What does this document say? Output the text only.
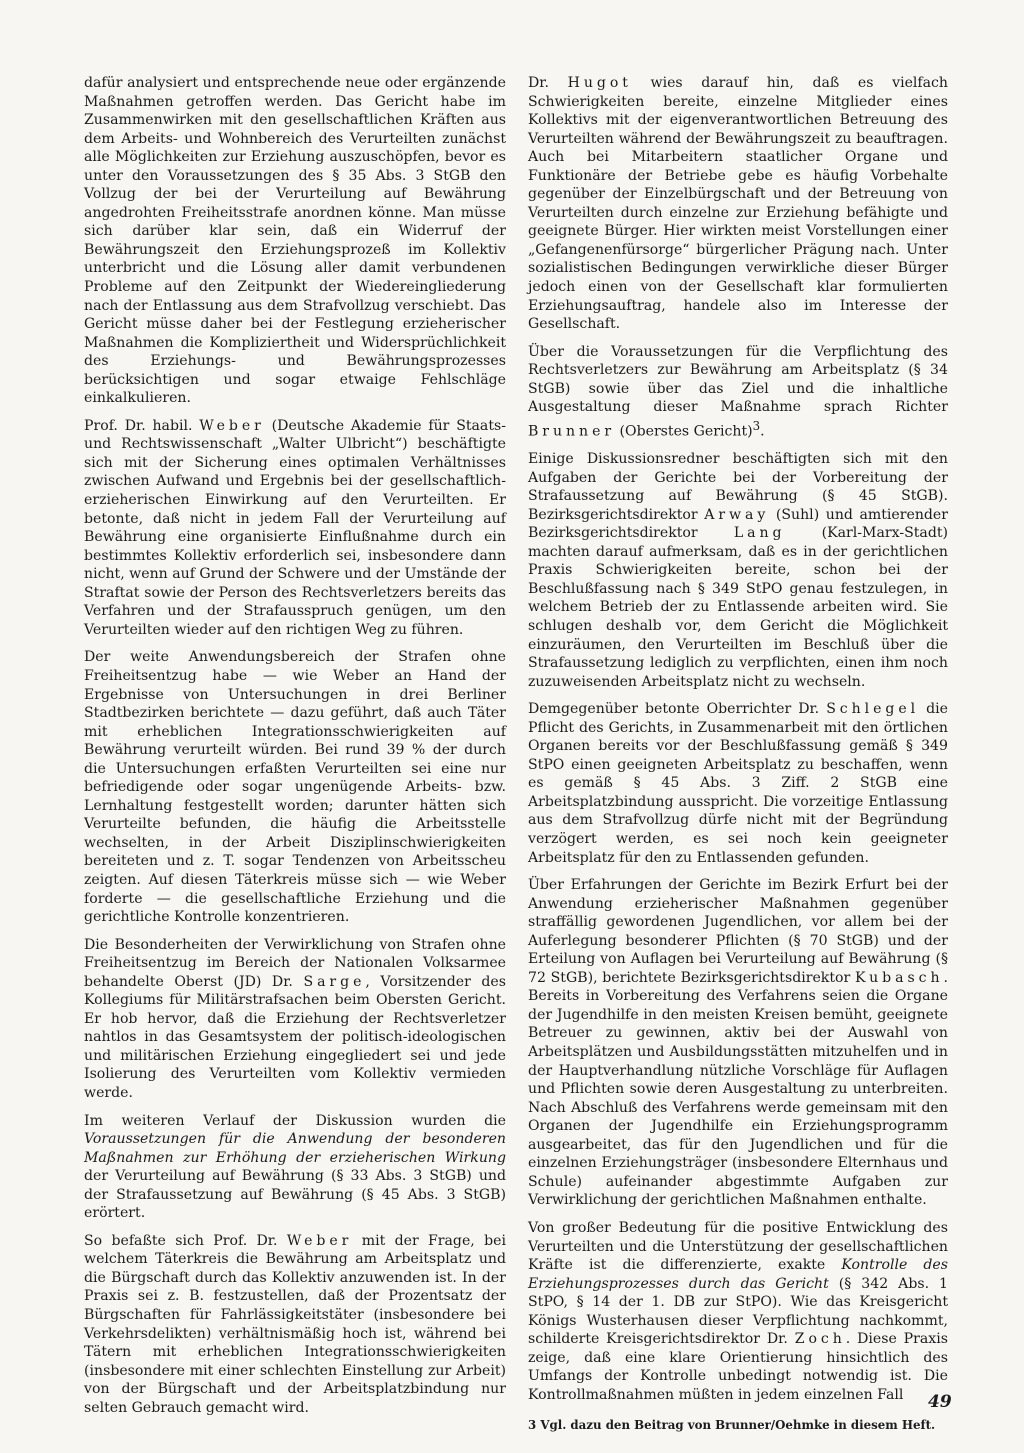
dafür analysiert und entsprechende neue oder ergänzende Maßnahmen getroffen werden. Das Gericht habe im Zusammenwirken mit den gesellschaftlichen Kräften aus dem Arbeits- und Wohnbereich des Verurteilten zunächst alle Möglichkeiten zur Erziehung auszuschöpfen, bevor es unter den Voraussetzungen des § 35 Abs. 3 StGB den Vollzug der bei der Verurteilung auf Bewährung angedrohten Freiheitsstrafe anordnen könne. Man müsse sich darüber klar sein, daß ein Widerruf der Bewährungszeit den Erziehungsprozeß im Kollektiv unterbricht und die Lösung aller damit verbundenen Probleme auf den Zeitpunkt der Wiedereingliederung nach der Entlassung aus dem Strafvollzug verschiebt. Das Gericht müsse daher bei der Festlegung erzieherischer Maßnahmen die Kompliziertheit und Widersprüchlichkeit des Erziehungs- und Bewährungsprozesses berücksichtigen und sogar etwaige Fehlschläge einkalkulieren.

Prof. Dr. habil. Weber (Deutsche Akademie für Staats- und Rechtswissenschaft „Walter Ulbricht“) beschäftigte sich mit der Sicherung eines optimalen Verhältnisses zwischen Aufwand und Ergebnis bei der gesellschaftlich-erzieherischen Einwirkung auf den Verurteilten. Er betonte, daß nicht in jedem Fall der Verurteilung auf Bewährung eine organisierte Einflußnahme durch ein bestimmtes Kollektiv erforderlich sei, insbesondere dann nicht, wenn auf Grund der Schwere und der Umstände der Straftat sowie der Person des Rechtsverletzers bereits das Verfahren und der Strafausspruch genügen, um den Verurteilten wieder auf den richtigen Weg zu führen.

Der weite Anwendungsbereich der Strafen ohne Freiheitsentzug habe — wie Weber an Hand der Ergebnisse von Untersuchungen in drei Berliner Stadtbezirken berichtete — dazu geführt, daß auch Täter mit erheblichen Integrationsschwierigkeiten auf Bewährung verurteilt würden. Bei rund 39 % der durch die Untersuchungen erfaßten Verurteilten sei eine nur befriedigende oder sogar ungenügende Arbeits- bzw. Lernhaltung festgestellt worden; darunter hätten sich Verurteilte befunden, die häufig die Arbeitsstelle wechselten, in der Arbeit Disziplinschwierigkeiten bereiteten und z. T. sogar Tendenzen von Arbeitsscheu zeigten. Auf diesen Täterkreis müsse sich — wie Weber forderte — die gesellschaftliche Erziehung und die gerichtliche Kontrolle konzentrieren.

Die Besonderheiten der Verwirklichung von Strafen ohne Freiheitsentzug im Bereich der Nationalen Volksarmee behandelte Oberst (JD) Dr. Sarge, Vorsitzender des Kollegiums für Militärstrafsachen beim Obersten Gericht. Er hob hervor, daß die Erziehung der Rechtsverletzer nahtlos in das Gesamtsystem der politisch-ideologischen und militärischen Erziehung eingegliedert sei und jede Isolierung des Verurteilten vom Kollektiv vermieden werde.

Im weiteren Verlauf der Diskussion wurden die Voraussetzungen für die Anwendung der besonderen Maßnahmen zur Erhöhung der erzieherischen Wirkung der Verurteilung auf Bewährung (§ 33 Abs. 3 StGB) und der Strafaussetzung auf Bewährung (§ 45 Abs. 3 StGB) erörtert.

So befaßte sich Prof. Dr. Weber mit der Frage, bei welchem Täterkreis die Bewährung am Arbeitsplatz und die Bürgschaft durch das Kollektiv anzuwenden ist. In der Praxis sei z. B. festzustellen, daß der Prozentsatz der Bürgschaften für Fahrlässigkeitstäter (insbesondere bei Verkehrsdelikten) verhältnismäßig hoch ist, während bei Tätern mit erheblichen Integrationsschwierigkeiten (insbesondere mit einer schlechten Einstellung zur Arbeit) von der Bürgschaft und der Arbeitsplatzbindung nur selten Gebrauch gemacht wird.

Dr. Hugot wies darauf hin, daß es vielfach Schwierigkeiten bereite, einzelne Mitglieder eines Kollektivs mit der eigenverantwortlichen Betreuung des Verurteilten während der Bewährungszeit zu beauftragen. Auch bei Mitarbeitern staatlicher Organe und Funktionäre der Betriebe gebe es häufig Vorbehalte gegenüber der Einzelbürgschaft und der Betreuung von Verurteilten durch einzelne zur Erziehung befähigte und geeignete Bürger. Hier wirkten meist Vorstellungen einer „Gefangenenfürsorge“ bürgerlicher Prägung nach. Unter sozialistischen Bedingungen verwirkliche dieser Bürger jedoch einen von der Gesellschaft klar formulierten Erziehungsauftrag, handele also im Interesse der Gesellschaft.

Über die Voraussetzungen für die Verpflichtung des Rechtsverletzers zur Bewährung am Arbeitsplatz (§ 34 StGB) sowie über das Ziel und die inhaltliche Ausgestaltung dieser Maßnahme sprach Richter Brunner (Oberstes Gericht)$^3$.

Einige Diskussionsredner beschäftigten sich mit den Aufgaben der Gerichte bei der Vorbereitung der Strafaussetzung auf Bewährung (§ 45 StGB). Bezirksgerichtsdirektor Arway (Suhl) und amtierender Bezirksgerichtsdirektor	Lang	(Karl-Marx-Stadt) machten darauf aufmerksam, daß es in der gerichtlichen Praxis Schwierigkeiten bereite, schon bei der Beschlußfassung nach § 349 StPO genau festzulegen, in welchem Betrieb der zu Entlassende arbeiten wird. Sie schlugen deshalb vor, dem Gericht die Möglichkeit einzuräumen, den Verurteilten im Beschluß über die Strafaussetzung lediglich zu verpflichten, einen ihm noch zuzuweisenden Arbeitsplatz nicht zu wechseln.

Demgegenüber betonte Oberrichter Dr. Schlegel die Pflicht des Gerichts, in Zusammenarbeit mit den örtlichen Organen bereits vor der Beschlußfassung gemäß § 349 StPO einen geeigneten Arbeitsplatz zu beschaffen, wenn es gemäß § 45 Abs. 3 Ziff. 2 StGB eine Arbeitsplatzbindung ausspricht. Die vorzeitige Entlassung aus dem Strafvollzug dürfe nicht mit der Begründung verzögert werden, es sei noch kein geeigneter Arbeitsplatz für den zu Entlassenden gefunden.

Über Erfahrungen der Gerichte im Bezirk Erfurt bei der Anwendung erzieherischer Maßnahmen gegenüber straffällig gewordenen Jugendlichen, vor allem bei der Auferlegung besonderer Pflichten (§ 70 StGB) und der Erteilung von Auflagen bei Verurteilung auf Bewährung (§ 72 StGB), berichtete Bezirksgerichtsdirektor Kubasch. Bereits in Vorbereitung des Verfahrens seien die Organe der Jugendhilfe in den meisten Kreisen bemüht, geeignete Betreuer zu gewinnen, aktiv bei der Auswahl von Arbeitsplätzen und Ausbildungsstätten mitzuhelfen und in der Hauptverhandlung nützliche Vorschläge für Auflagen und Pflichten sowie deren Ausgestaltung zu unterbreiten. Nach Abschluß des Verfahrens werde gemeinsam mit den Organen der Jugendhilfe ein Erziehungsprogramm ausgearbeitet, das für den Jugendlichen und für die einzelnen Erziehungsträger (insbesondere Elternhaus und Schule) aufeinander abgestimmte Aufgaben zur Verwirklichung der gerichtlichen Maßnahmen enthalte.

Von großer Bedeutung für die positive Entwicklung des Verurteilten und die Unterstützung der gesellschaftlichen Kräfte ist die differenzierte, exakte Kontrolle des Erziehungsprozesses durch das Gericht (§ 342 Abs. 1 StPO, § 14 der 1. DB zur StPO). Wie das Kreisgericht Königs Wusterhausen dieser Verpflichtung nachkommt, schilderte Kreisgerichtsdirektor Dr. Zoch. Diese Praxis zeige, daß eine klare Orientierung hinsichtlich des Umfangs der Kontrolle unbedingt notwendig ist. Die Kontrollmaßnahmen müßten in jedem einzelnen Fall

3 Vgl. dazu den Beitrag von Brunner/Oehmke in diesem Heft.
49
